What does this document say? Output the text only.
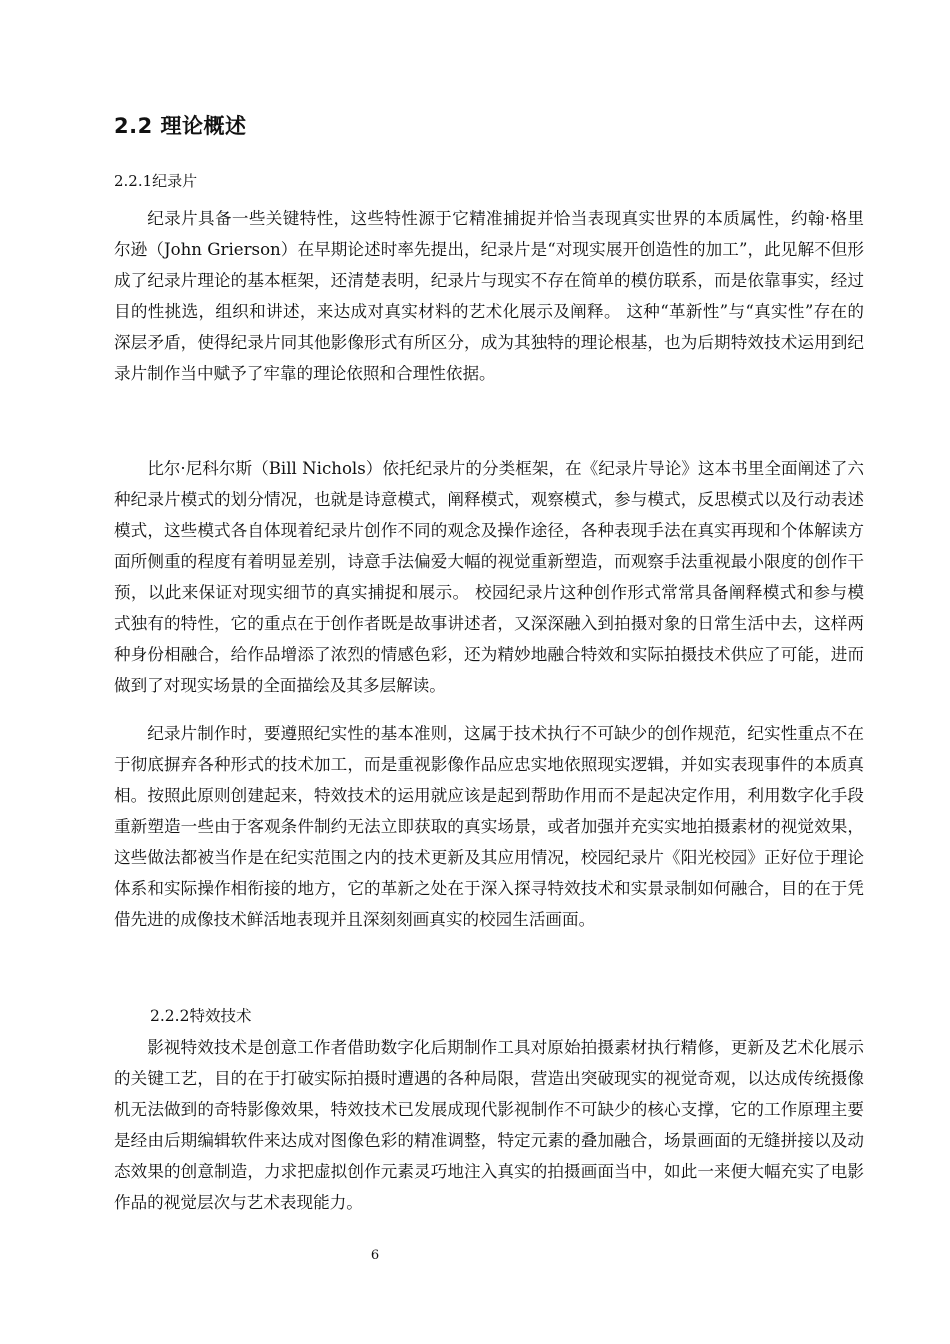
2.2 理论概述
2.2.1纪录片

纪录片具备一些关键特性，这些特性源于它精准捕捉并恰当表现真实世界的本质属性，约翰·格里尔逊（John Grierson）在早期论述时率先提出，纪录片是“对现实展开创造性的加工”，此见解不但形成了纪录片理论的基本框架，还清楚表明，纪录片与现实不存在简单的模仿联系，而是依靠事实，经过目的性挑选，组织和讲述，来达成对真实材料的艺术化展示及阐释。 这种“革新性”与“真实性”存在的深层矛盾，使得纪录片同其他影像形式有所区分，成为其独特的理论根基，也为后期特效技术运用到纪录片制作当中赋予了牢靠的理论依照和合理性依据。

比尔·尼科尔斯（Bill Nichols）依托纪录片的分类框架，在《纪录片导论》这本书里全面阐述了六种纪录片模式的划分情况，也就是诗意模式，阐释模式，观察模式，参与模式，反思模式以及行动表述模式，这些模式各自体现着纪录片创作不同的观念及操作途径，各种表现手法在真实再现和个体解读方面所侧重的程度有着明显差别，诗意手法偏爱大幅的视觉重新塑造，而观察手法重视最小限度的创作干预，以此来保证对现实细节的真实捕捉和展示。 校园纪录片这种创作形式常常具备阐释模式和参与模式独有的特性，它的重点在于创作者既是故事讲述者，又深深融入到拍摄对象的日常生活中去，这样两种身份相融合，给作品增添了浓烈的情感色彩，还为精妙地融合特效和实际拍摄技术供应了可能，进而做到了对现实场景的全面描绘及其多层解读。

纪录片制作时，要遵照纪实性的基本准则，这属于技术执行不可缺少的创作规范，纪实性重点不在于彻底摒弃各种形式的技术加工，而是重视影像作品应忠实地依照现实逻辑，并如实表现事件的本质真相。按照此原则创建起来，特效技术的运用就应该是起到帮助作用而不是起决定作用，利用数字化手段重新塑造一些由于客观条件制约无法立即获取的真实场景，或者加强并充实实地拍摄素材的视觉效果，这些做法都被当作是在纪实范围之内的技术更新及其应用情况，校园纪录片《阳光校园》正好位于理论体系和实际操作相衔接的地方，它的革新之处在于深入探寻特效技术和实景录制如何融合，目的在于凭借先进的成像技术鲜活地表现并且深刻刻画真实的校园生活画面。

2.2.2特效技术

影视特效技术是创意工作者借助数字化后期制作工具对原始拍摄素材执行精修，更新及艺术化展示的关键工艺，目的在于打破实际拍摄时遭遇的各种局限，营造出突破现实的视觉奇观，以达成传统摄像机无法做到的奇特影像效果，特效技术已发展成现代影视制作不可缺少的核心支撑，它的工作原理主要是经由后期编辑软件来达成对图像色彩的精准调整，特定元素的叠加融合，场景画面的无缝拼接以及动态效果的创意制造，力求把虚拟创作元素灵巧地注入真实的拍摄画面当中，如此一来便大幅充实了电影作品的视觉层次与艺术表现能力。

6
